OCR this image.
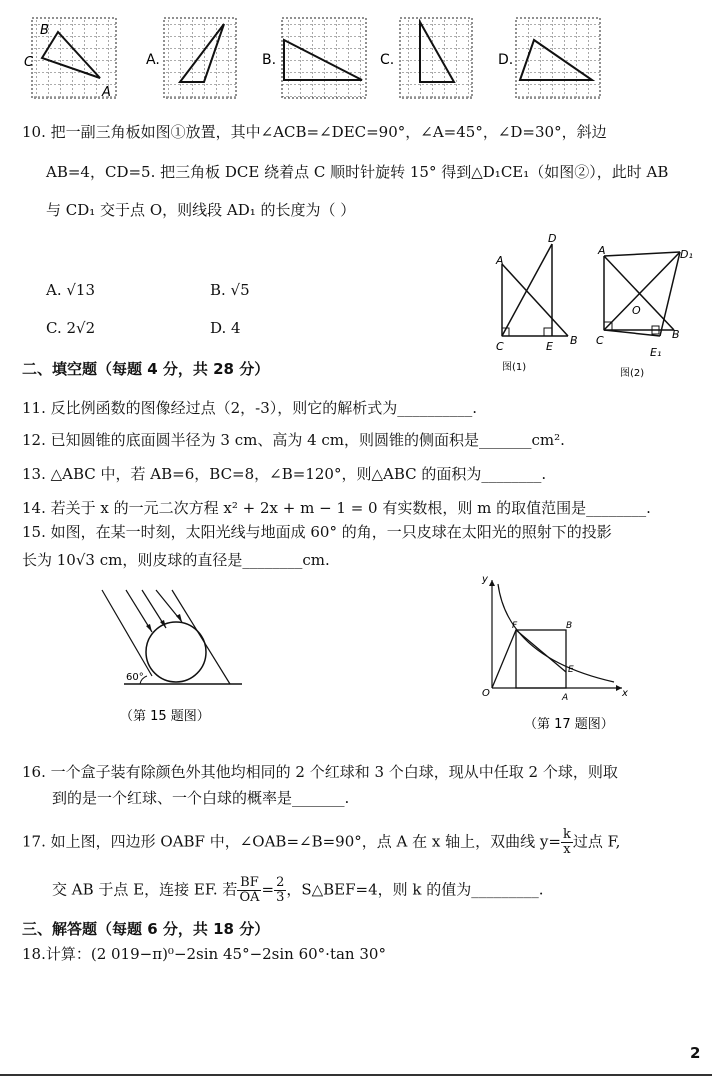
B
C
A
A.	B.	C.	D.
10. 把一副三角板如图①放置，其中∠ACB=∠DEC=90°，∠A=45°，∠D=30°，斜边
AB=4，CD=5. 把三角板 DCE 绕着点 C 顺时针旋转 15° 得到△D₁CE₁（如图②），此时 AB
与 CD₁ 交于点 O，则线段 AD₁ 的长度为（ ）
A. √13	B. √5
C. 2√2	D. 4
A
D
C	E B
图(1)
A	D₁
O
C	B
E₁
图(2)
二、填空题（每题 4 分，共 28 分）
11. 反比例函数的图像经过点（2，-3），则它的解析式为__________.
12. 已知圆锥的底面圆半径为 3 cm、高为 4 cm，则圆锥的侧面积是_______cm².
13. △ABC 中，若 AB=6，BC=8，∠B=120°，则△ABC 的面积为________.
14. 若关于 x 的一元二次方程 x² + 2x + m − 1 = 0 有实数根，则 m 的取值范围是________.
15. 如图，在某一时刻，太阳光线与地面成 60° 的角，一只皮球在太阳光的照射下的投影
长为 10√3 cm，则皮球的直径是________cm.
60°
（第 15 题图）
y
x
O
F	B
E
A
（第 17 题图）
16. 一个盒子装有除颜色外其他均相同的 2 个红球和 3 个白球，现从中任取 2 个球，则取
到的是一个红球、一个白球的概率是_______.
17. 如上图，四边形 OABF 中，∠OAB=∠B=90°，点 A 在 x 轴上，双曲线 $y= \frac{k}{x}$ 过点 F,
交 AB 于点 E，连接 EF. 若 $\frac{BF}{OA} = \frac{2}{3}$ ，S△BEF=4，则 k 的值为_________.
三、解答题（每题 6 分，共 18 分）
18.计算：(2 019−π)⁰−2sin 45°−2sin 60°·tan 30°
2
